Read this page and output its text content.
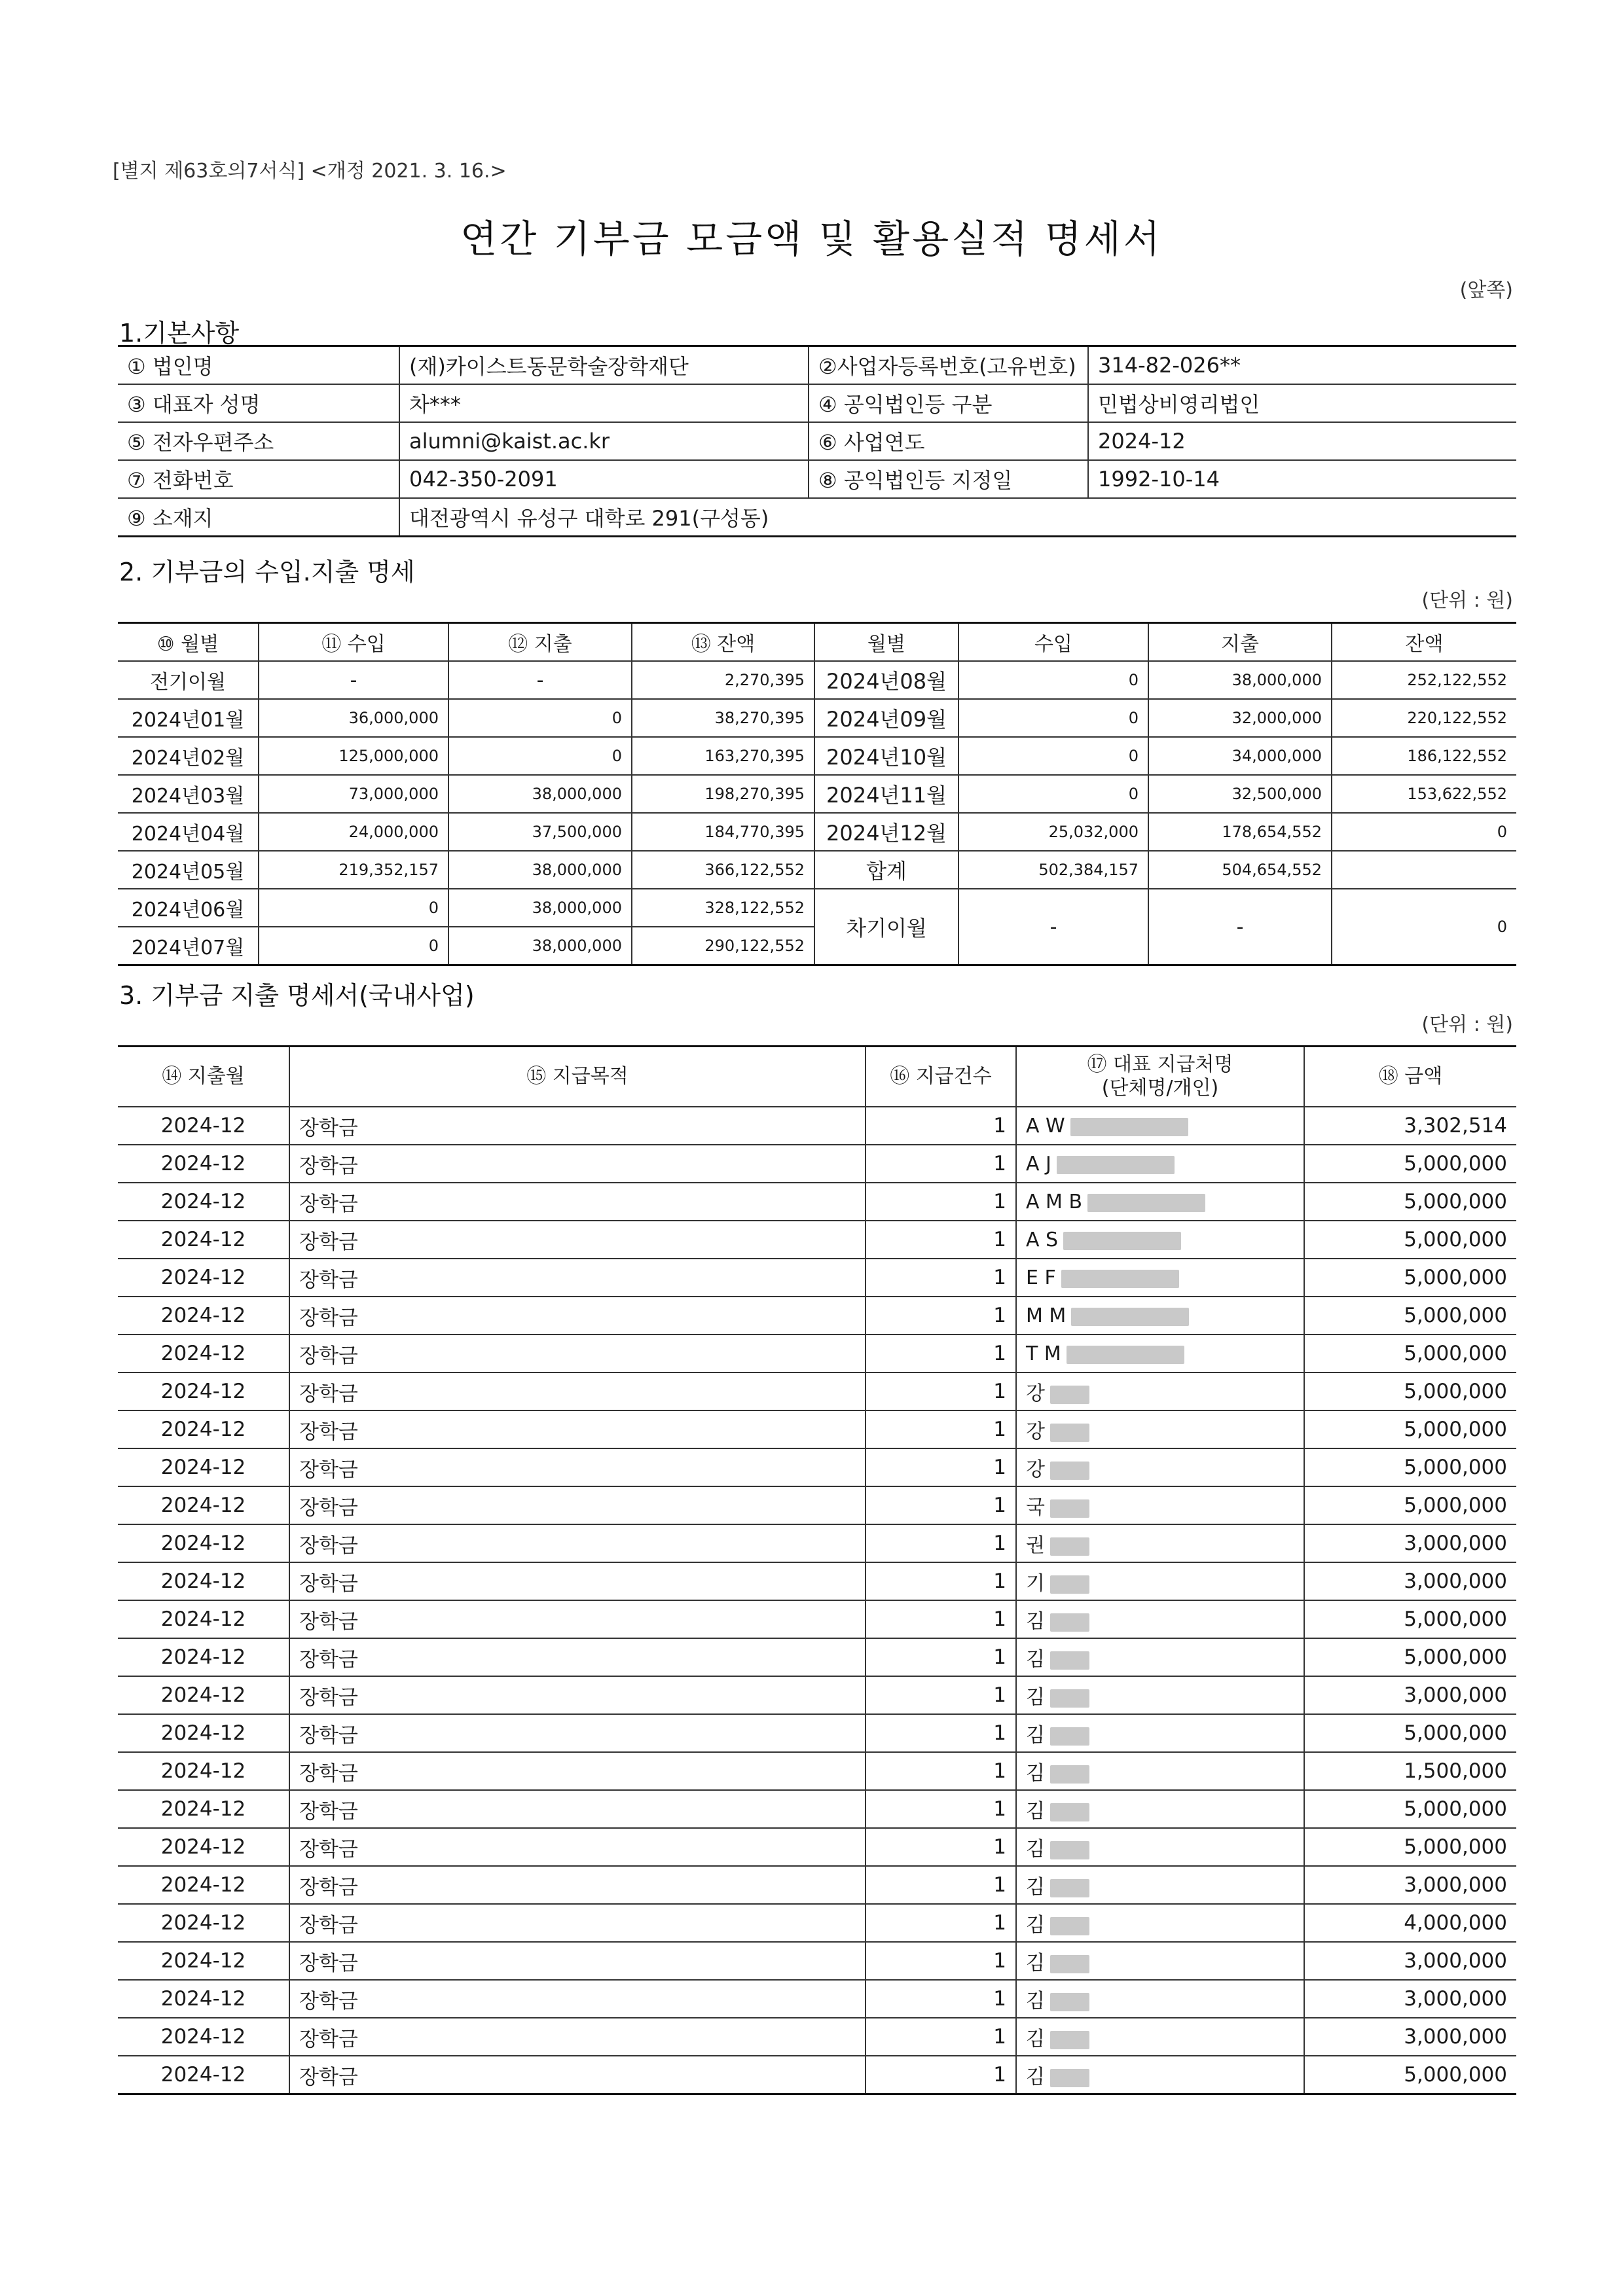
[별지 제63호의7서식] <개정 2021. 3. 16.>
연간 기부금 모금액 및 활용실적 명세서
(앞쪽)
1.기본사항
① 법인명	(재)카이스트동문학술장학재단	②사업자등록번호(고유번호)	314-82-026**
③ 대표자 성명	차***	④ 공익법인등 구분	민법상비영리법인
⑤ 전자우편주소	alumni@kaist.ac.kr	⑥ 사업연도	2024-12
⑦ 전화번호	042-350-2091	⑧ 공익법인등 지정일	1992-10-14
⑨ 소재지	대전광역시 유성구 대학로 291(구성동)		
2. 기부금의 수입.지출 명세
(단위 : 원)
⑩ 월별	⑪ 수입	⑫ 지출	⑬ 잔액	월별	수입	지출	잔액
전기이월	-	-	2,270,395	2024년08월	0	38,000,000	252,122,552
2024년01월	36,000,000	0	38,270,395	2024년09월	0	32,000,000	220,122,552
2024년02월	125,000,000	0	163,270,395	2024년10월	0	34,000,000	186,122,552
2024년03월	73,000,000	38,000,000	198,270,395	2024년11월	0	32,500,000	153,622,552
2024년04월	24,000,000	37,500,000	184,770,395	2024년12월	25,032,000	178,654,552	0
2024년05월	219,352,157	38,000,000	366,122,552	합계	502,384,157	504,654,552	
2024년06월	0	38,000,000	328,122,552	차기이월	-	-	0
2024년07월	0	38,000,000	290,122,552				
3. 기부금 지출 명세서(국내사업)
(단위 : 원)
⑭ 지출월	⑮ 지급목적	⑯ 지급건수	⑰ 대표 지급처명
(단체명/개인)	⑱ 금액
2024-12	장학금	1	A W	3,302,514
2024-12	장학금	1	A J	5,000,000
2024-12	장학금	1	A M B	5,000,000
2024-12	장학금	1	A S	5,000,000
2024-12	장학금	1	E F	5,000,000
2024-12	장학금	1	M M	5,000,000
2024-12	장학금	1	T M	5,000,000
2024-12	장학금	1	강	5,000,000
2024-12	장학금	1	강	5,000,000
2024-12	장학금	1	강	5,000,000
2024-12	장학금	1	국	5,000,000
2024-12	장학금	1	권	3,000,000
2024-12	장학금	1	기	3,000,000
2024-12	장학금	1	김	5,000,000
2024-12	장학금	1	김	5,000,000
2024-12	장학금	1	김	3,000,000
2024-12	장학금	1	김	5,000,000
2024-12	장학금	1	김	1,500,000
2024-12	장학금	1	김	5,000,000
2024-12	장학금	1	김	5,000,000
2024-12	장학금	1	김	3,000,000
2024-12	장학금	1	김	4,000,000
2024-12	장학금	1	김	3,000,000
2024-12	장학금	1	김	3,000,000
2024-12	장학금	1	김	3,000,000
2024-12	장학금	1	김	5,000,000
